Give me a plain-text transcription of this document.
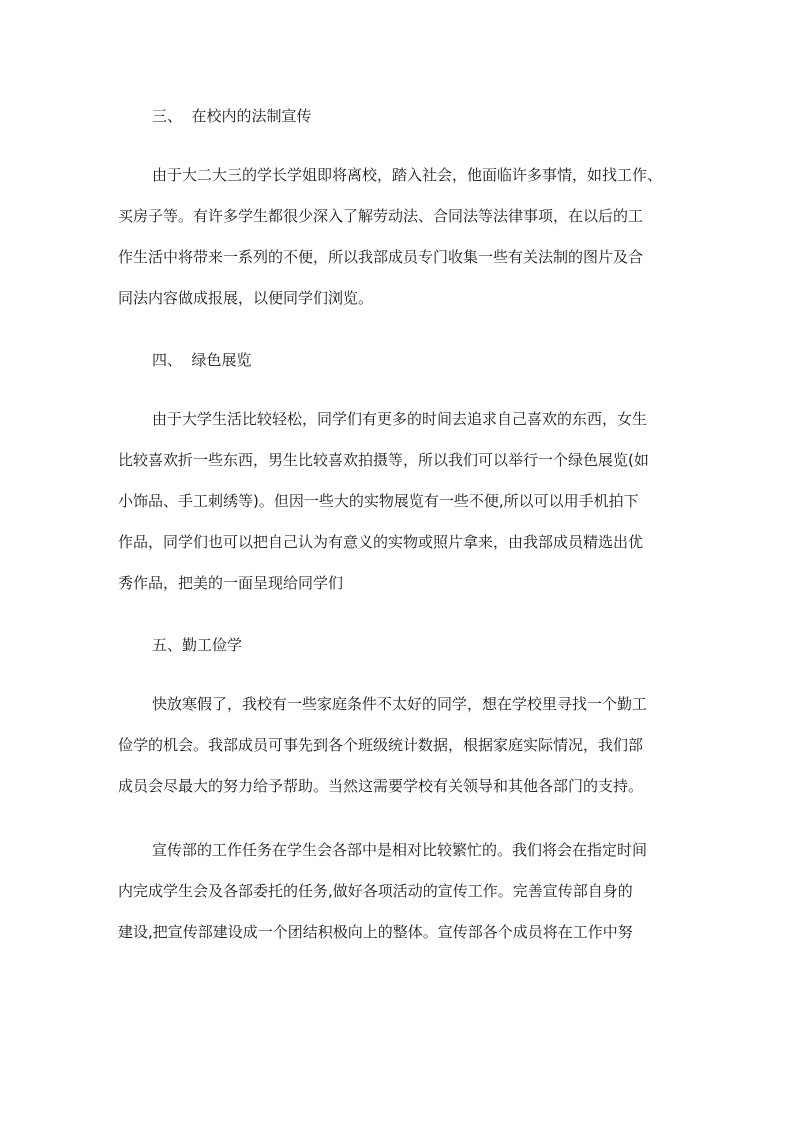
三、  在校内的法制宣传

由于大二大三的学长学姐即将离校，踏入社会，他面临许多事情，如找工作、
买房子等。有许多学生都很少深入了解劳动法、合同法等法律事项，在以后的工
作生活中将带来一系列的不便，所以我部成员专门收集一些有关法制的图片及合
同法内容做成报展，以便同学们浏览。

四、  绿色展览

由于大学生活比较轻松，同学们有更多的时间去追求自己喜欢的东西，女生
比较喜欢折一些东西，男生比较喜欢拍摄等，所以我们可以举行一个绿色展览(如
小饰品、手工刺绣等)。但因一些大的实物展览有一些不便,所以可以用手机拍下
作品，同学们也可以把自己认为有意义的实物或照片拿来，由我部成员精选出优
秀作品，把美的一面呈现给同学们

五、勤工俭学

快放寒假了，我校有一些家庭条件不太好的同学，想在学校里寻找一个勤工
俭学的机会。我部成员可事先到各个班级统计数据，根据家庭实际情况，我们部
成员会尽最大的努力给予帮助。当然这需要学校有关领导和其他各部门的支持。
宣传部的工作任务在学生会各部中是相对比较繁忙的。我们将会在指定时间
内完成学生会及各部委托的任务,做好各项活动的宣传工作。完善宣传部自身的
建设,把宣传部建设成一个团结积极向上的整体。宣传部各个成员将在工作中努
